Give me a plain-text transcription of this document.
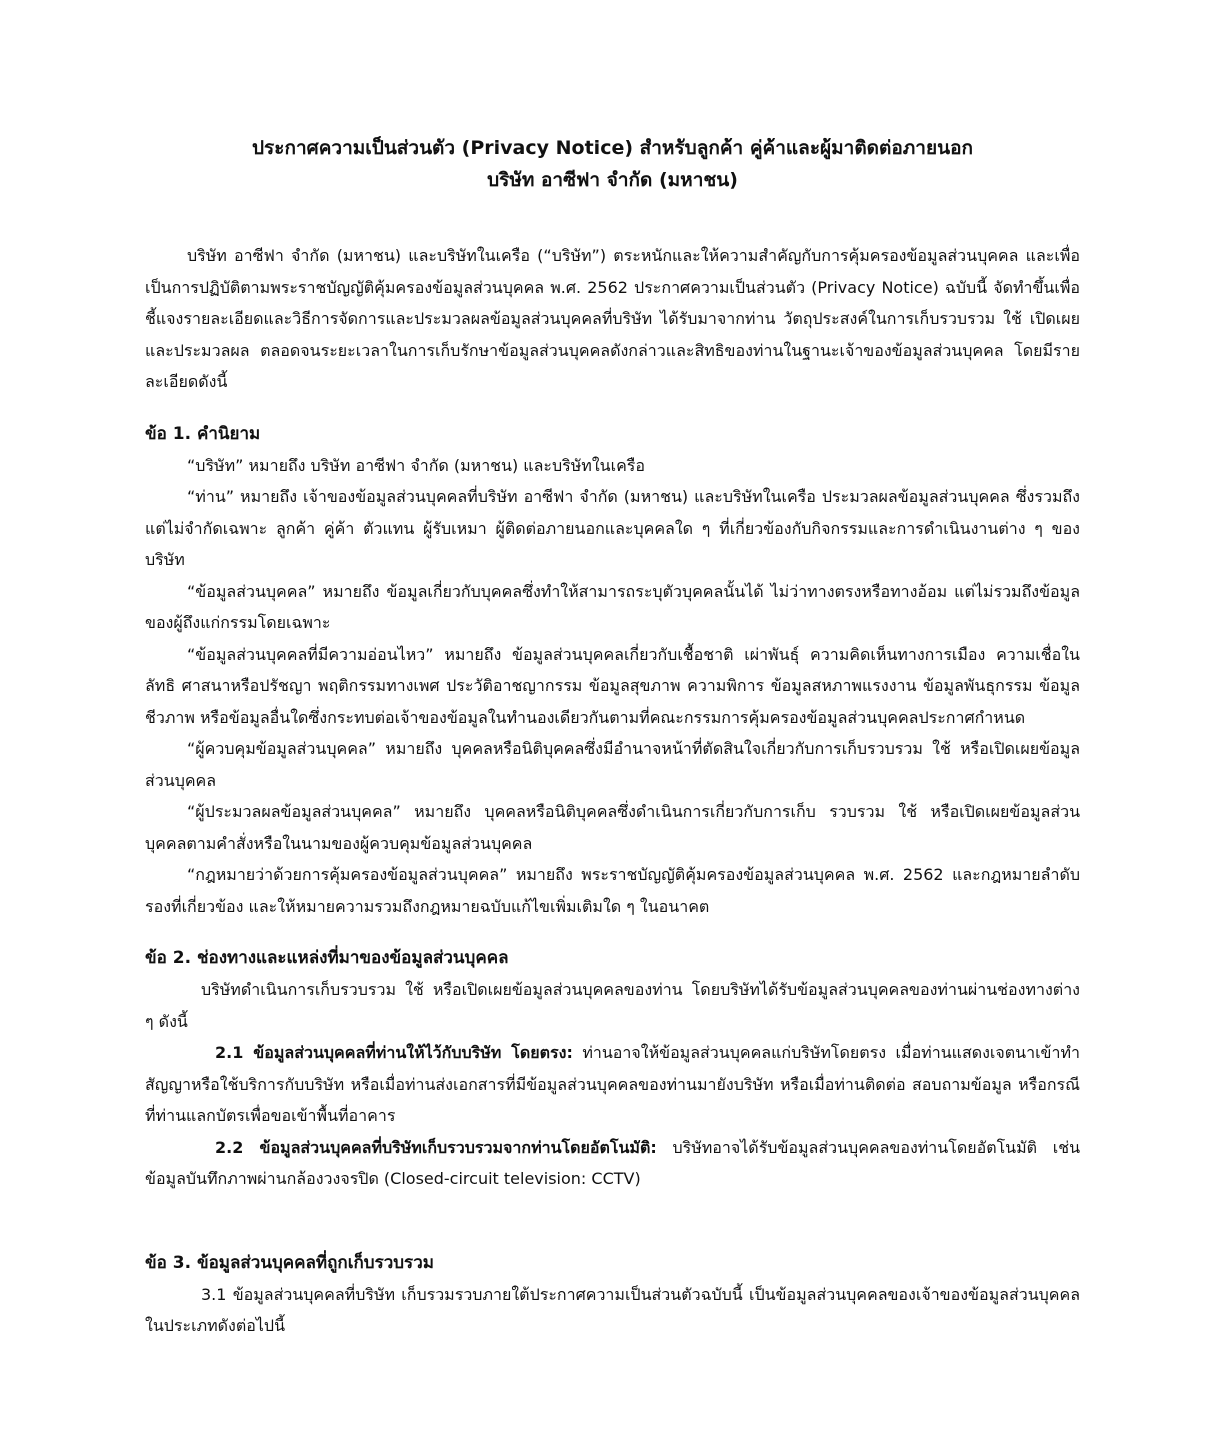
ประกาศความเป็นส่วนตัว (Privacy Notice) สำหรับลูกค้า คู่ค้าและผู้มาติดต่อภายนอก

บริษัท อาซีฟา จำกัด (มหาชน)

บริษัท อาซีฟา จำกัด (มหาชน) และบริษัทในเครือ (“บริษัท”) ตระหนักและให้ความสำคัญกับการคุ้มครองข้อมูลส่วนบุคคล และเพื่อเป็นการปฏิบัติตามพระราชบัญญัติคุ้มครองข้อมูลส่วนบุคคล พ.ศ. 2562 ประกาศความเป็นส่วนตัว (Privacy Notice) ฉบับนี้ จัดทำขึ้นเพื่อชี้แจงรายละเอียดและวิธีการจัดการและประมวลผลข้อมูลส่วนบุคคลที่บริษัท ได้รับมาจากท่าน วัตถุประสงค์ในการเก็บรวบรวม ใช้ เปิดเผย และประมวลผล ตลอดจนระยะเวลาในการเก็บรักษาข้อมูลส่วนบุคคลดังกล่าวและสิทธิของท่านในฐานะเจ้าของข้อมูลส่วนบุคคล โดยมีรายละเอียดดังนี้

ข้อ 1. คำนิยาม

“บริษัท” หมายถึง บริษัท อาซีฟา จำกัด (มหาชน) และบริษัทในเครือ

“ท่าน” หมายถึง เจ้าของข้อมูลส่วนบุคคลที่บริษัท อาซีฟา จำกัด (มหาชน) และบริษัทในเครือ ประมวลผลข้อมูลส่วนบุคคล ซึ่งรวมถึงแต่ไม่จำกัดเฉพาะ ลูกค้า คู่ค้า ตัวแทน ผู้รับเหมา ผู้ติดต่อภายนอกและบุคคลใด ๆ ที่เกี่ยวข้องกับกิจกรรมและการดำเนินงานต่าง ๆ ของบริษัท

“ข้อมูลส่วนบุคคล” หมายถึง ข้อมูลเกี่ยวกับบุคคลซึ่งทำให้สามารถระบุตัวบุคคลนั้นได้ ไม่ว่าทางตรงหรือทางอ้อม แต่ไม่รวมถึงข้อมูลของผู้ถึงแก่กรรมโดยเฉพาะ

“ข้อมูลส่วนบุคคลที่มีความอ่อนไหว” หมายถึง ข้อมูลส่วนบุคคลเกี่ยวกับเชื้อชาติ เผ่าพันธุ์ ความคิดเห็นทางการเมือง ความเชื่อในลัทธิ ศาสนาหรือปรัชญา พฤติกรรมทางเพศ ประวัติอาชญากรรม ข้อมูลสุขภาพ ความพิการ ข้อมูลสหภาพแรงงาน ข้อมูลพันธุกรรม ข้อมูลชีวภาพ หรือข้อมูลอื่นใดซึ่งกระทบต่อเจ้าของข้อมูลในทำนองเดียวกันตามที่คณะกรรมการคุ้มครองข้อมูลส่วนบุคคลประกาศกำหนด

“ผู้ควบคุมข้อมูลส่วนบุคคล” หมายถึง บุคคลหรือนิติบุคคลซึ่งมีอำนาจหน้าที่ตัดสินใจเกี่ยวกับการเก็บรวบรวม ใช้ หรือเปิดเผยข้อมูลส่วนบุคคล

“ผู้ประมวลผลข้อมูลส่วนบุคคล” หมายถึง บุคคลหรือนิติบุคคลซึ่งดำเนินการเกี่ยวกับการเก็บ รวบรวม ใช้ หรือเปิดเผยข้อมูลส่วนบุคคลตามคำสั่งหรือในนามของผู้ควบคุมข้อมูลส่วนบุคคล

“กฎหมายว่าด้วยการคุ้มครองข้อมูลส่วนบุคคล” หมายถึง พระราชบัญญัติคุ้มครองข้อมูลส่วนบุคคล พ.ศ. 2562 และกฎหมายลำดับรองที่เกี่ยวข้อง และให้หมายความรวมถึงกฎหมายฉบับแก้ไขเพิ่มเติมใด ๆ ในอนาคต

ข้อ 2. ช่องทางและแหล่งที่มาของข้อมูลส่วนบุคคล

บริษัทดำเนินการเก็บรวบรวม ใช้ หรือเปิดเผยข้อมูลส่วนบุคคลของท่าน โดยบริษัทได้รับข้อมูลส่วนบุคคลของท่านผ่านช่องทางต่าง ๆ ดังนี้

2.1 ข้อมูลส่วนบุคคลที่ท่านให้ไว้กับบริษัท โดยตรง: ท่านอาจให้ข้อมูลส่วนบุคคลแก่บริษัทโดยตรง เมื่อท่านแสดงเจตนาเข้าทำสัญญาหรือใช้บริการกับบริษัท หรือเมื่อท่านส่งเอกสารที่มีข้อมูลส่วนบุคคลของท่านมายังบริษัท หรือเมื่อท่านติดต่อ สอบถามข้อมูล หรือกรณีที่ท่านแลกบัตรเพื่อขอเข้าพื้นที่อาคาร

2.2 ข้อมูลส่วนบุคคลที่บริษัทเก็บรวบรวมจากท่านโดยอัตโนมัติ: บริษัทอาจได้รับข้อมูลส่วนบุคคลของท่านโดยอัตโนมัติ เช่น ข้อมูลบันทึกภาพผ่านกล้องวงจรปิด (Closed-circuit television: CCTV)

ข้อ 3. ข้อมูลส่วนบุคคลที่ถูกเก็บรวบรวม

3.1 ข้อมูลส่วนบุคคลที่บริษัท เก็บรวมรวบภายใต้ประกาศความเป็นส่วนตัวฉบับนี้ เป็นข้อมูลส่วนบุคคลของเจ้าของข้อมูลส่วนบุคคลในประเภทดังต่อไปนี้
